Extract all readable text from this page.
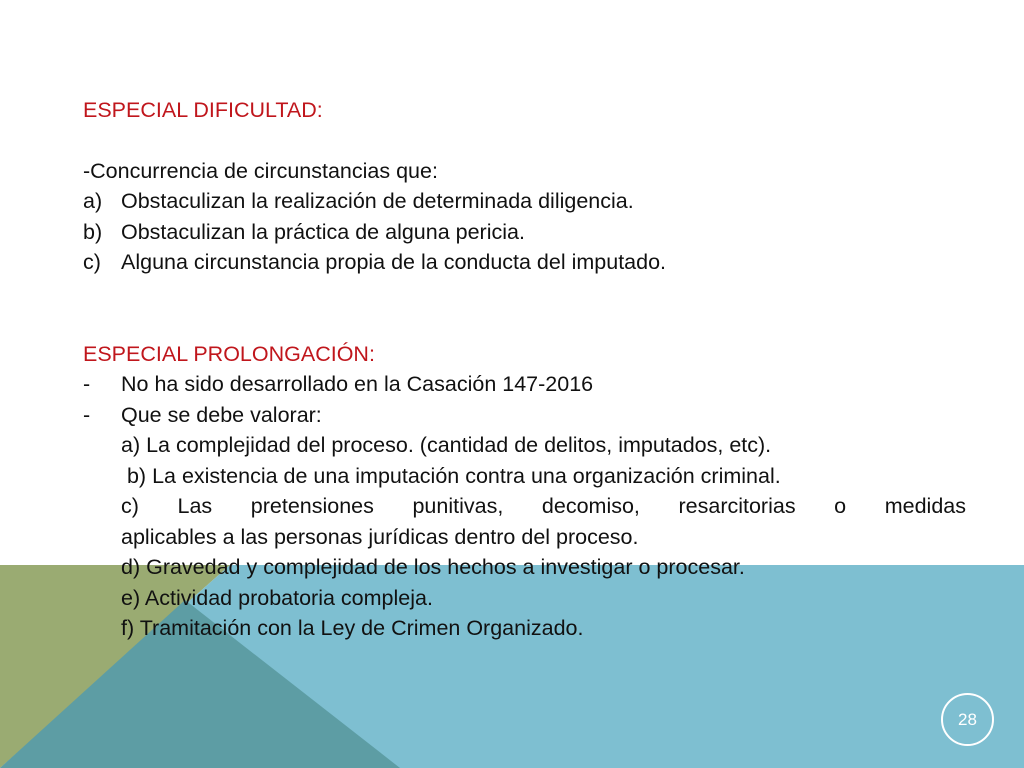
ESPECIAL DIFICULTAD:
-Concurrencia de circunstancias que:
a) Obstaculizan la realización de determinada diligencia.
b) Obstaculizan la práctica de alguna pericia.
c) Alguna circunstancia propia de la conducta del imputado.
ESPECIAL PROLONGACIÓN:
-	No ha sido desarrollado en la Casación 147-2016
-	Que se debe valorar:
a) La complejidad del proceso. (cantidad de delitos, imputados, etc).
b) La existencia de una imputación contra una organización criminal.
c) Las pretensiones punitivas, decomiso, resarcitorias o medidas
aplicables a las personas jurídicas dentro del proceso.
d) Gravedad y complejidad de los hechos a investigar o procesar.
e) Actividad probatoria compleja.
f) Tramitación con la Ley de Crimen Organizado.
28
